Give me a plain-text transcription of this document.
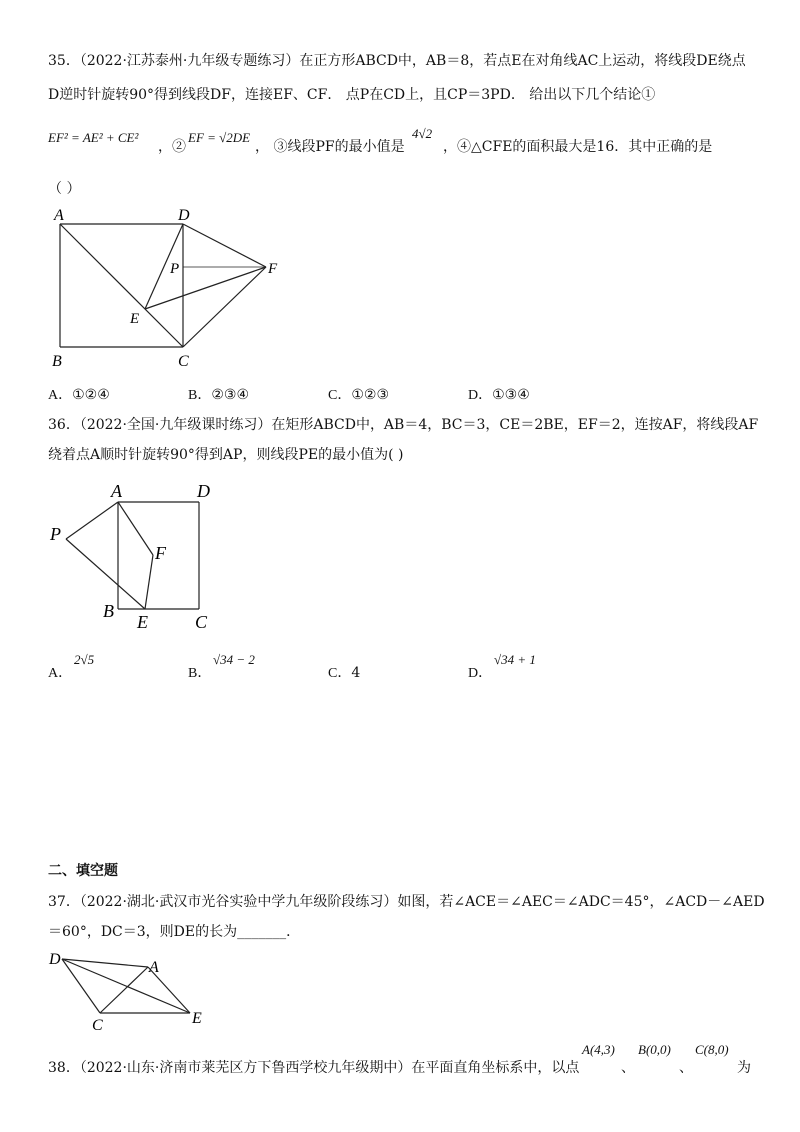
35．（2022·江苏泰州·九年级专题练习）在正方形ABCD中，AB＝8，若点E在对角线AC上运动，将线段DE绕点
D逆时针旋转90°得到线段DF，连接EF、CF． 点P在CD上，且CP＝3PD． 给出以下几个结论①
EF² = AE² + CE²
，②
EF = √2DE
， ③线段PF的最小值是
4√2
，④△CFE的面积最大是16．其中正确的是
（ ）
A	D
P	F
E
B	C
A．①②④	B．②③④	C．①②③	D．①③④
36．（2022·全国·九年级课时练习）在矩形ABCD中，AB＝4，BC＝3，CE＝2BE，EF＝2，连按AF，将线段AF
绕着点A顺时针旋转90°得到AP，则线段PE的最小值为( )
A	D
P
F
B
E	C
A．
2√5
B．
√34 − 2
C．4	D．
√34 + 1
二、填空题
37．（2022·湖北·武汉市光谷实验中学九年级阶段练习）如图，若∠ACE＝∠AEC＝∠ADC＝45°，∠ACD－∠AED
＝60°，DC＝3，则DE的长为_______．
D	A
C	E
38．（2022·山东·济南市莱芜区方下鲁西学校九年级期中）在平面直角坐标系中，以点
A(4,3)
、
B(0,0)
、
C(8,0)
为
